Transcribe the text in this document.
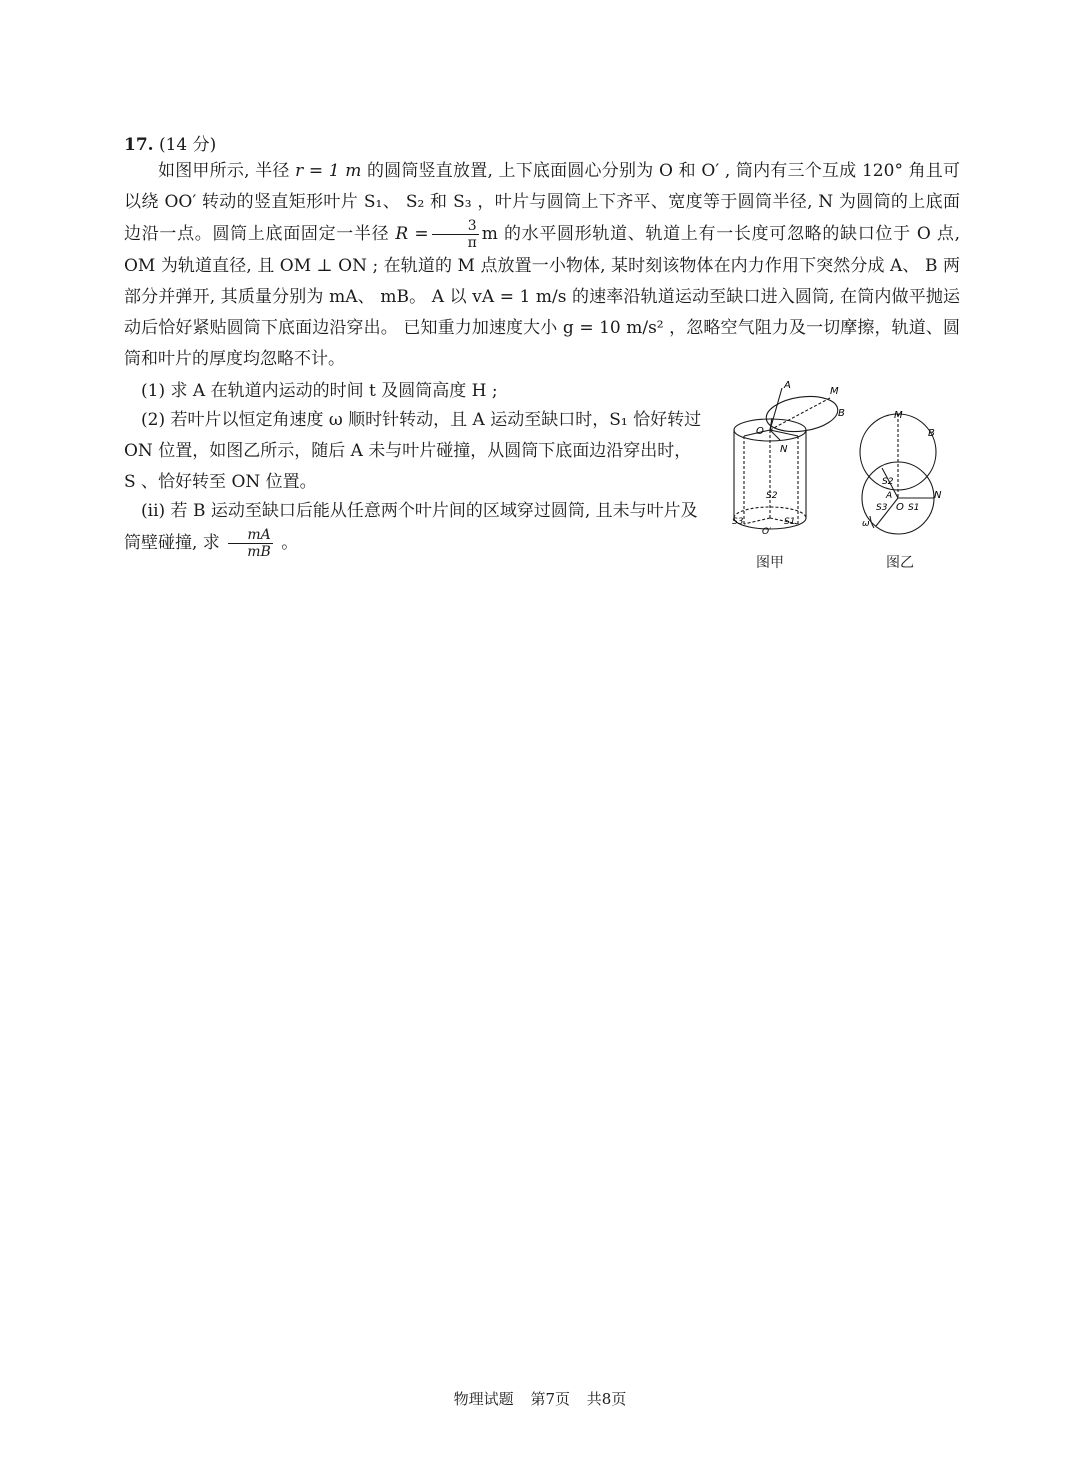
17. (14 分)
如图甲所示, 半径 r = 1 m 的圆筒竖直放置, 上下底面圆心分别为 O 和 O′ , 筒内有三个互成 120° 角且可以绕 OO′ 转动的竖直矩形叶片 S₁、 S₂ 和 S₃ ，叶片与圆筒上下齐平、宽度等于圆筒半径, N 为圆筒的上底面边沿一点。圆筒上底面固定一半径 $R = \frac{3}{\pi}$ m 的水平圆形轨道、轨道上有一长度可忽略的缺口位于 O 点, OM 为轨道直径, 且 OM ⊥ ON ; 在轨道的 M 点放置一小物体, 某时刻该物体在内力作用下突然分成 A、 B 两部分并弹开, 其质量分别为 mA、 mB。 A 以 vA = 1 m/s 的速率沿轨道运动至缺口进入圆筒, 在筒内做平抛运动后恰好紧贴圆筒下底面边沿穿出。 已知重力加速度大小 g = 10 m/s² ，忽略空气阻力及一切摩擦，轨道、圆筒和叶片的厚度均忽略不计。
(1) 求 A 在轨道内运动的时间 t 及圆筒高度 H ;
(2) 若叶片以恒定角速度 ω 顺时针转动，且 A 运动至缺口时，S₁ 恰好转过 ON 位置，如图乙所示，随后 A 未与叶片碰撞，从圆筒下底面边沿穿出时， S 、恰好转至 ON 位置。
(ii) 若 B 运动至缺口后能从任意两个叶片间的区域穿过圆筒, 且未与叶片及筒壁碰撞, 求 $\frac{mA}{mB}$ 。
A
M
B
O
N
S2
S3	S1
O′
图甲
M
B
N
O S1
S2
S3
A
ω
图乙
物理试题 第7页 共8页
